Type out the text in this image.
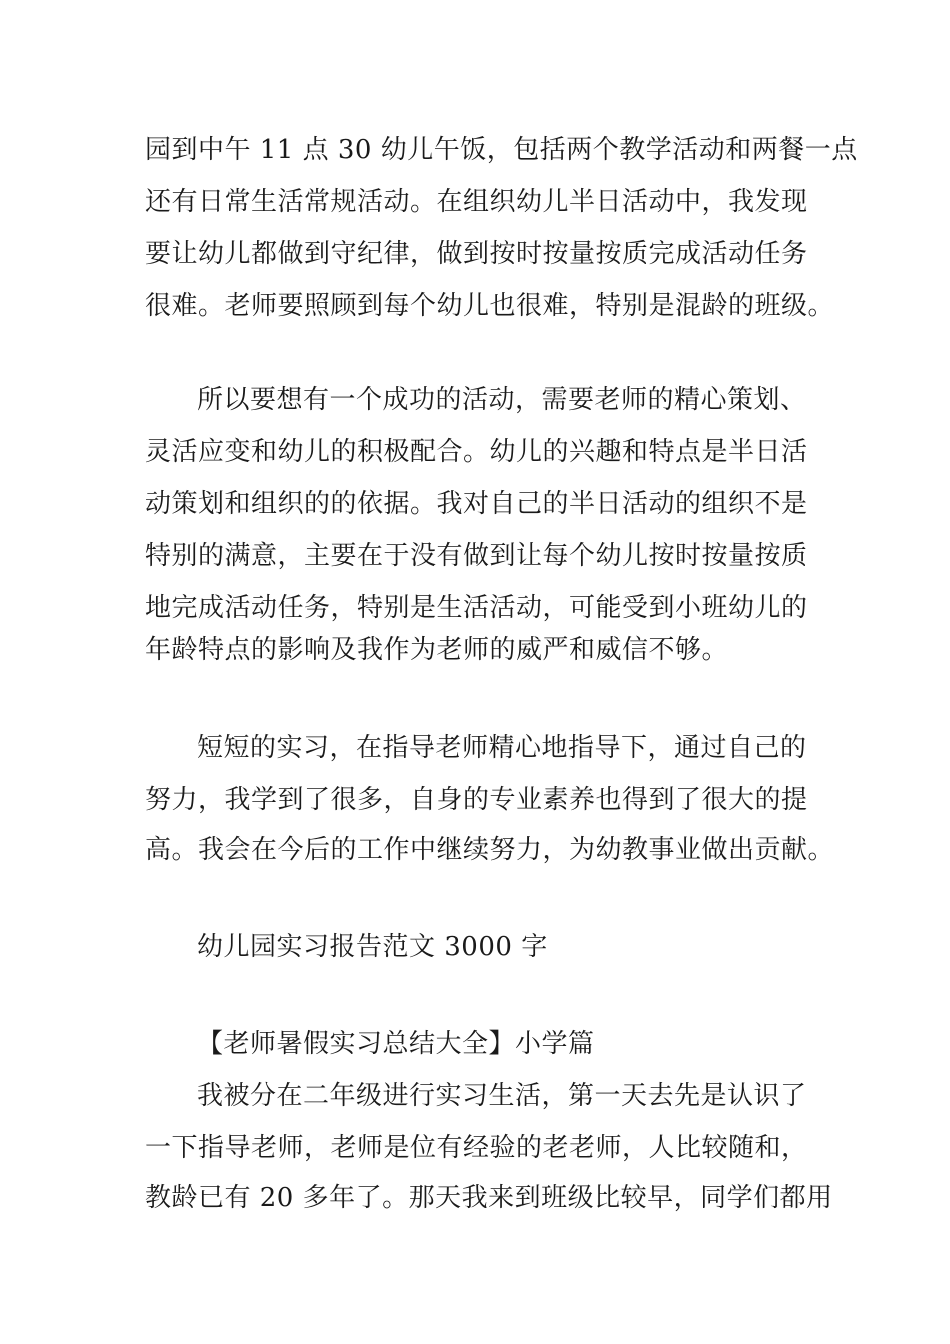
园到中午 11 点 30 幼儿午饭，包括两个教学活动和两餐一点
还有日常生活常规活动。在组织幼儿半日活动中，我发现
要让幼儿都做到守纪律，做到按时按量按质完成活动任务
很难。老师要照顾到每个幼儿也很难，特别是混龄的班级。
所以要想有一个成功的活动，需要老师的精心策划、
灵活应变和幼儿的积极配合。幼儿的兴趣和特点是半日活
动策划和组织的的依据。我对自己的半日活动的组织不是
特别的满意，主要在于没有做到让每个幼儿按时按量按质
地完成活动任务，特别是生活活动，可能受到小班幼儿的
年龄特点的影响及我作为老师的威严和威信不够。
短短的实习，在指导老师精心地指导下，通过自己的
努力，我学到了很多，自身的专业素养也得到了很大的提
高。我会在今后的工作中继续努力，为幼教事业做出贡献。
幼儿园实习报告范文 3000 字
【老师暑假实习总结大全】小学篇
我被分在二年级进行实习生活，第一天去先是认识了
一下指导老师，老师是位有经验的老老师，人比较随和，
教龄已有 20 多年了。那天我来到班级比较早，同学们都用
